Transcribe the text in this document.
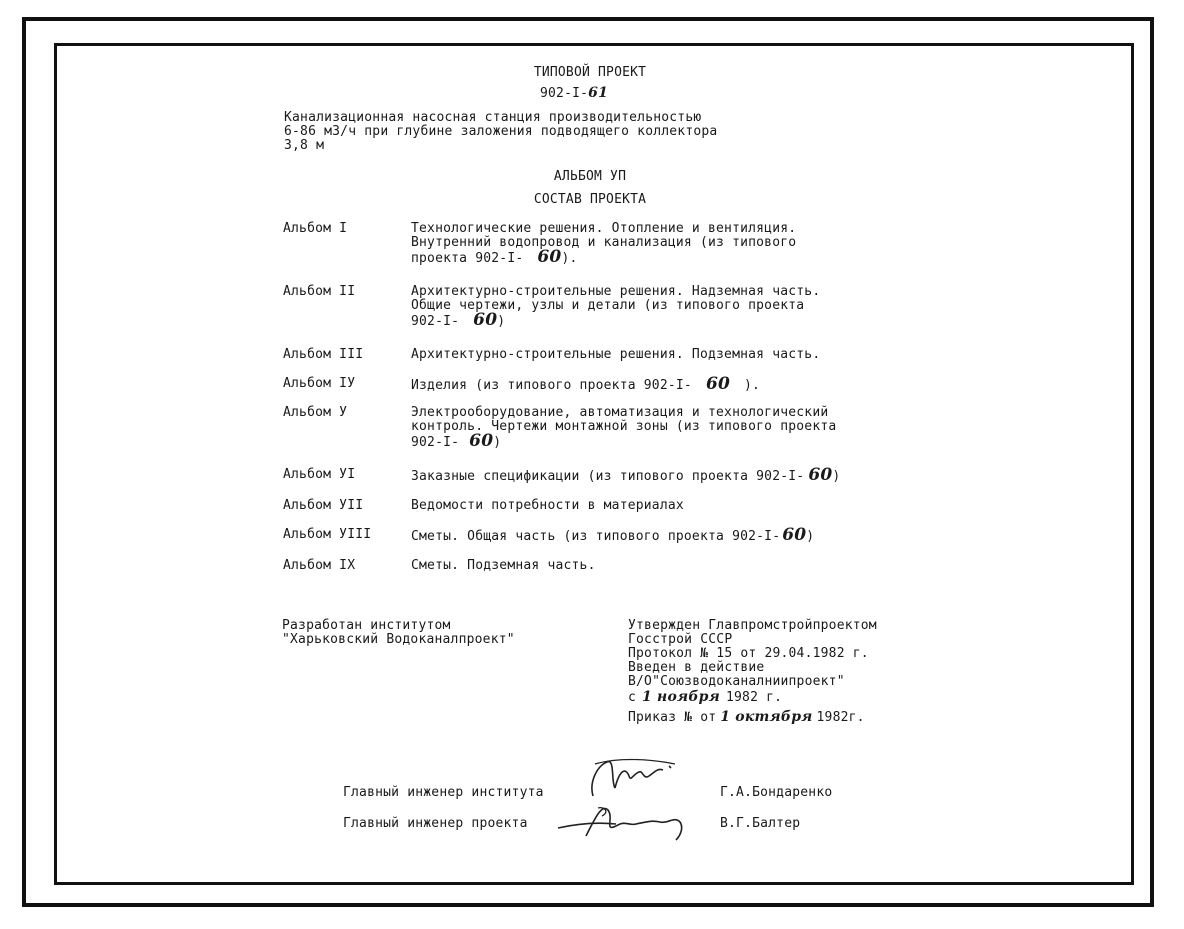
ТИПОВОЙ ПРОЕКТ
902-I-61
Канализационная насосная станция производительностью
6-86 м3/ч при глубине заложения подводящего коллектора
3,8 м
АЛЬБОМ УП
СОСТАВ ПРОЕКТА
Альбом I	Технологические решения. Отопление и вентиляция.
Внутренний водопровод и канализация (из типового
проекта 902-I- 60).
Альбом II	Архитектурно-строительные решения. Надземная часть.
Общие чертежи, узлы и детали (из типового проекта
902-I- 60)
Альбом III	Архитектурно-строительные решения. Подземная часть.
Альбом IУ	Изделия (из типового проекта 902-I- 60 ).
Альбом У	Электрооборудование, автоматизация и технологический
контроль. Чертежи монтажной зоны (из типового проекта
902-I- 60)
Альбом УI	Заказные спецификации (из типового проекта 902-I- 60)
Альбом УII	Ведомости потребности в материалах
Альбом УIII	Сметы. Общая часть (из типового проекта 902-I- 60)
Альбом IX	Сметы. Подземная часть.
Разработан институтом
"Харьковский Водоканалпроект"
Утвержден Главпромстройпроектом
Госстрой СССР
Протокол № 15 от 29.04.1982 г.
Введен в действие
В/О"Союзводоканалниипроект"
с 1 ноября 1982 г.
Приказ № от 1 октября 1982г.
Главный инженер института	Г.А.Бондаренко
Главный инженер проекта	В.Г.Балтер
